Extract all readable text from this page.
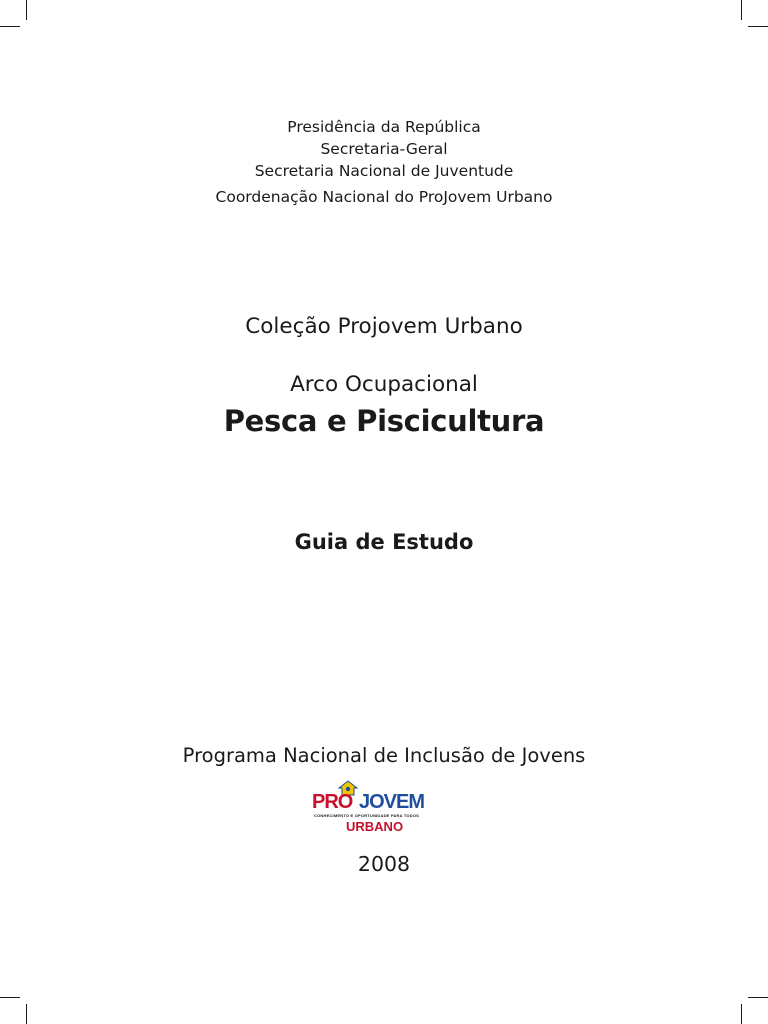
Presidência da República
Secretaria-Geral
Secretaria Nacional de Juventude
Coordenação Nacional do ProJovem Urbano
Coleção Projovem Urbano
Arco Ocupacional
Pesca e Piscicultura
Guia de Estudo
Programa Nacional de Inclusão de Jovens
PRO JOVEM
CONHECIMENTO E OPORTUNIDADE PARA TODOS
URBANO
2008
